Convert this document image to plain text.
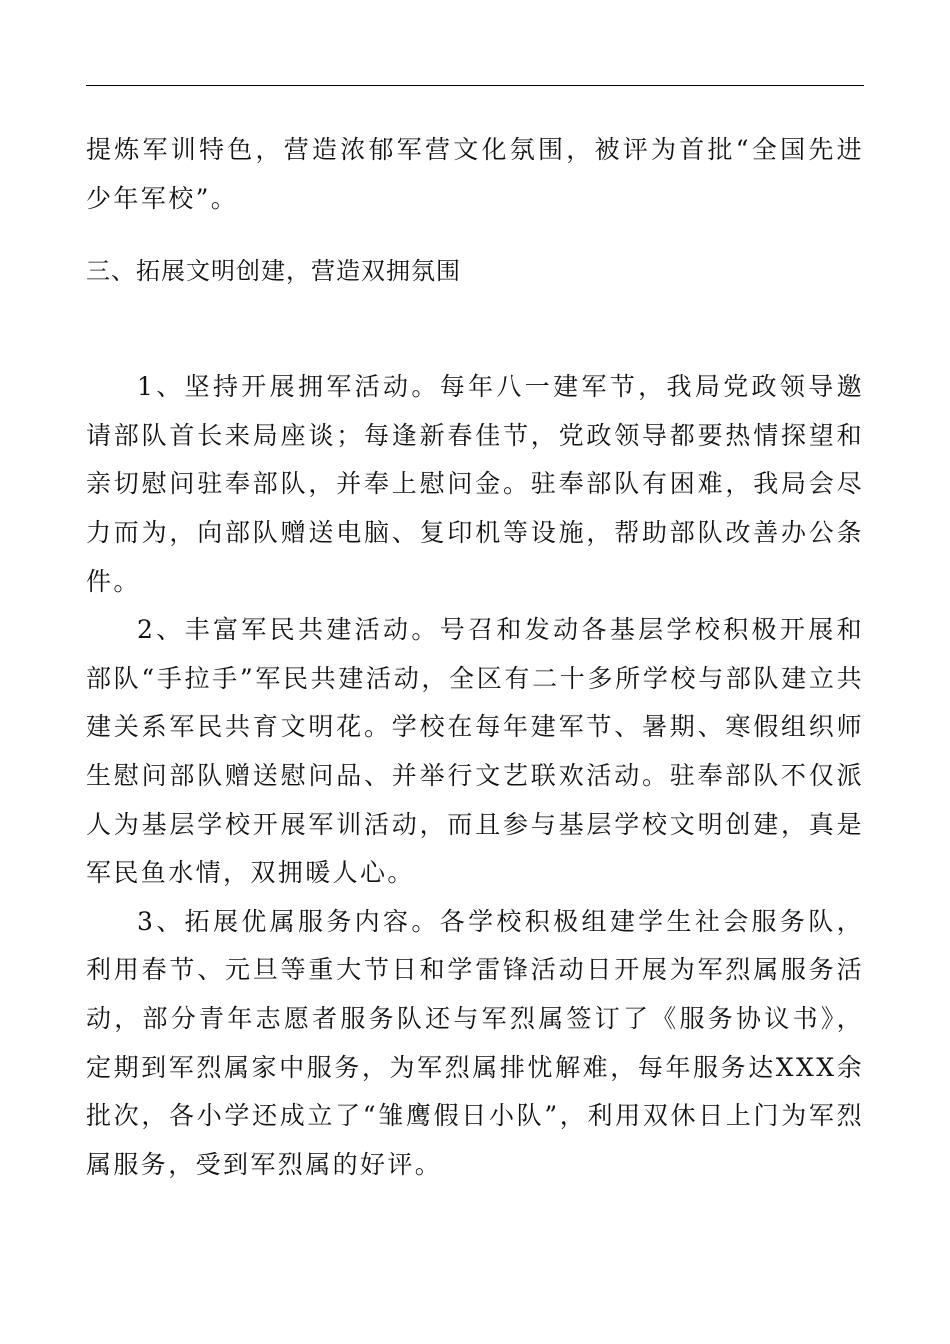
提炼军训特色，营造浓郁军营文化氛围，被评为首批“全国先进少年军校”。

三、拓展文明创建，营造双拥氛围

1、坚持开展拥军活动。每年八一建军节，我局党政领导邀请部队首长来局座谈；每逢新春佳节，党政领导都要热情探望和亲切慰问驻奉部队，并奉上慰问金。驻奉部队有困难，我局会尽力而为，向部队赠送电脑、复印机等设施，帮助部队改善办公条件。

2、丰富军民共建活动。号召和发动各基层学校积极开展和部队“手拉手”军民共建活动，全区有二十多所学校与部队建立共建关系军民共育文明花。学校在每年建军节、暑期、寒假组织师生慰问部队赠送慰问品、并举行文艺联欢活动。驻奉部队不仅派人为基层学校开展军训活动，而且参与基层学校文明创建，真是军民鱼水情，双拥暖人心。

3、拓展优属服务内容。各学校积极组建学生社会服务队，利用春节、元旦等重大节日和学雷锋活动日开展为军烈属服务活动，部分青年志愿者服务队还与军烈属签订了《服务协议书》，定期到军烈属家中服务，为军烈属排忧解难，每年服务达XXX余批次，各小学还成立了“雏鹰假日小队”，利用双休日上门为军烈属服务，受到军烈属的好评。
